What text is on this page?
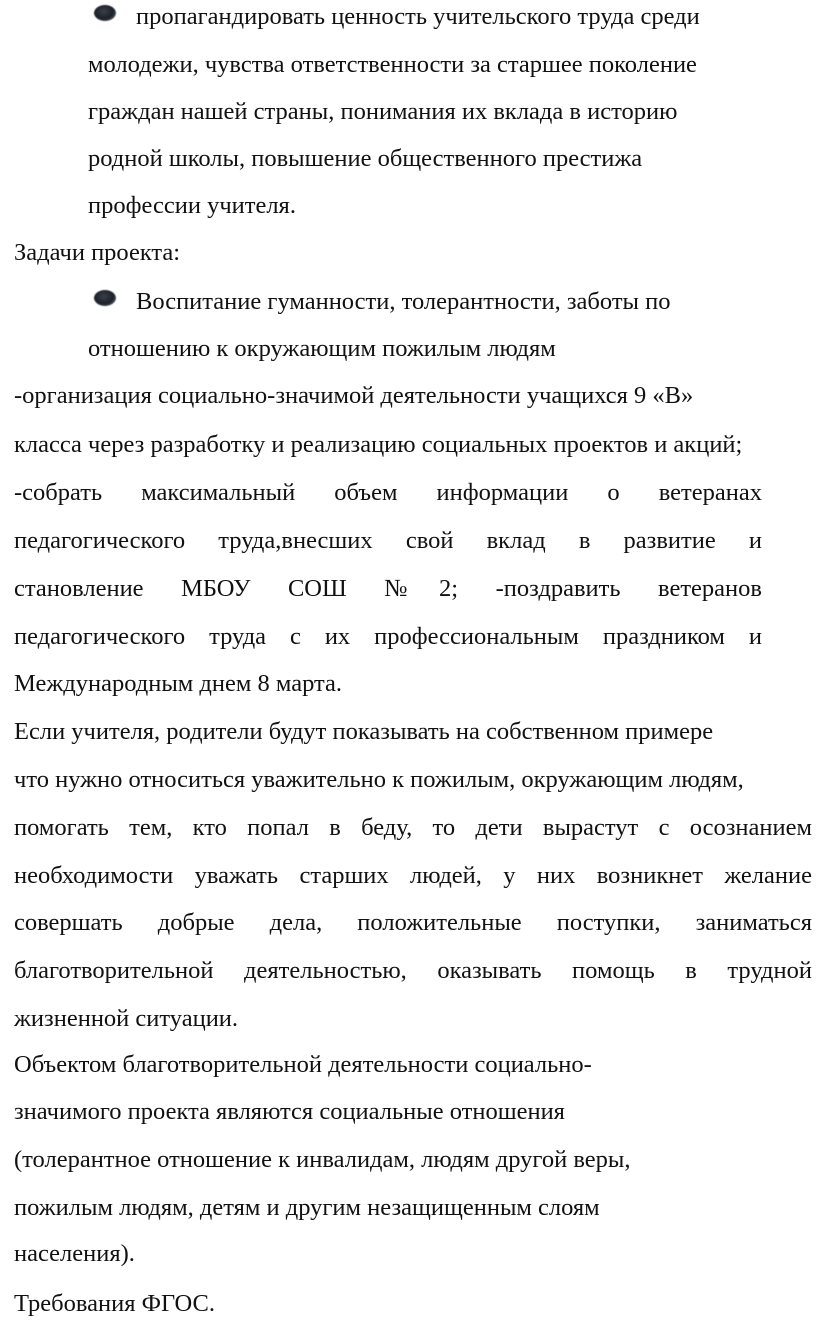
пропагандировать ценность учительского труда среди
молодежи, чувства ответственности за старшее поколение
граждан нашей страны, понимания их вклада в историю
родной школы, повышение общественного престижа
профессии учителя.
Задачи проекта:
Воспитание гуманности, толерантности, заботы по
отношению к окружающим пожилым людям
-организация социально-значимой деятельности учащихся 9 «В»
класса через разработку и реализацию социальных проектов и акций;
-собрать максимальный объем информации о ветеранах
педагогического труда,внесших свой вклад в развитие и
становление МБОУ СОШ №2; -поздравить ветеранов
педагогического труда с их профессиональным праздником и
Международным днем 8 марта.
Если учителя, родители будут показывать на собственном примере
что нужно относиться уважительно к пожилым, окружающим людям,
помогать тем, кто попал в беду, то дети вырастут с осознанием
необходимости уважать старших людей, у них возникнет желание
совершать добрые дела, положительные поступки, заниматься
благотворительной деятельностью, оказывать помощь в трудной
жизненной ситуации.
Объектом благотворительной деятельности социально-
значимого проекта являются социальные отношения
(толерантное отношение к инвалидам, людям другой веры,
пожилым людям, детям и другим незащищенным слоям
населения).
Требования ФГОС.
